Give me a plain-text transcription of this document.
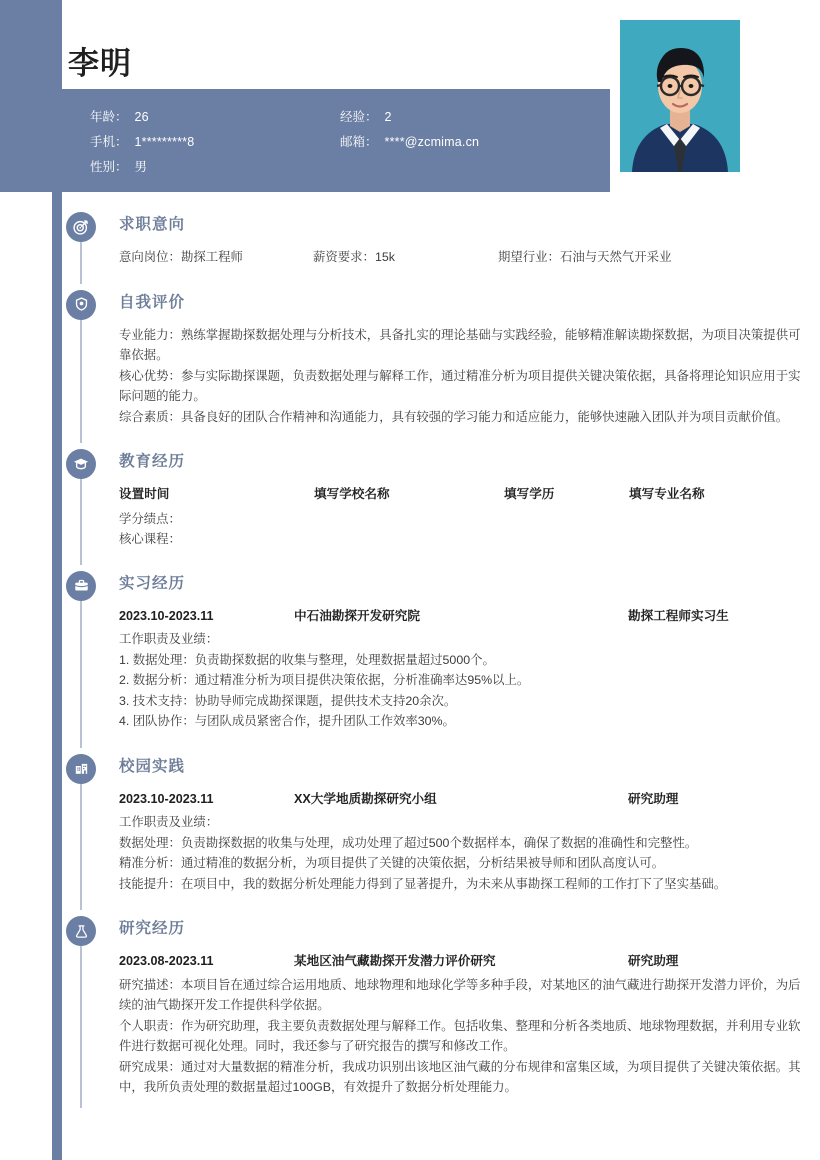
李明
年龄： 26	经验： 2
手机： 1*********8	邮箱： ****@zcmima.cn
性别： 男
求职意向
意向岗位：勘探工程师	薪资要求：15k	期望行业：石油与天然气开采业
自我评价

专业能力：熟练掌握勘探数据处理与分析技术，具备扎实的理论基础与实践经验，能够精准解读勘探数据，为项目决策提供可靠依据。

核心优势：参与实际勘探课题，负责数据处理与解释工作，通过精准分析为项目提供关键决策依据，具备将理论知识应用于实际问题的能力。

综合素质：具备良好的团队合作精神和沟通能力，具有较强的学习能力和适应能力，能够快速融入团队并为项目贡献价值。

教育经历
设置时间	填写学校名称	填写学历	填写专业名称
学分绩点：
核心课程：
实习经历
2023.10-2023.11	中石油勘探开发研究院	勘探工程师实习生

工作职责及业绩：

1. 数据处理：负责勘探数据的收集与整理，处理数据量超过5000个。

2. 数据分析：通过精准分析为项目提供决策依据，分析准确率达95%以上。

3. 技术支持：协助导师完成勘探课题，提供技术支持20余次。

4. 团队协作：与团队成员紧密合作，提升团队工作效率30%。

校园实践
2023.10-2023.11	XX大学地质勘探研究小组	研究助理

工作职责及业绩：

数据处理：负责勘探数据的收集与处理，成功处理了超过500个数据样本，确保了数据的准确性和完整性。

精准分析：通过精准的数据分析，为项目提供了关键的决策依据，分析结果被导师和团队高度认可。

技能提升：在项目中，我的数据分析处理能力得到了显著提升，为未来从事勘探工程师的工作打下了坚实基础。

研究经历
2023.08-2023.11	某地区油气藏勘探开发潜力评价研究	研究助理

研究描述：本项目旨在通过综合运用地质、地球物理和地球化学等多种手段，对某地区的油气藏进行勘探开发潜力评价，为后续的油气勘探开发工作提供科学依据。

个人职责：作为研究助理，我主要负责数据处理与解释工作。包括收集、整理和分析各类地质、地球物理数据，并利用专业软件进行数据可视化处理。同时，我还参与了研究报告的撰写和修改工作。

研究成果：通过对大量数据的精准分析，我成功识别出该地区油气藏的分布规律和富集区域，为项目提供了关键决策依据。其中，我所负责处理的数据量超过100GB，有效提升了数据分析处理能力。
